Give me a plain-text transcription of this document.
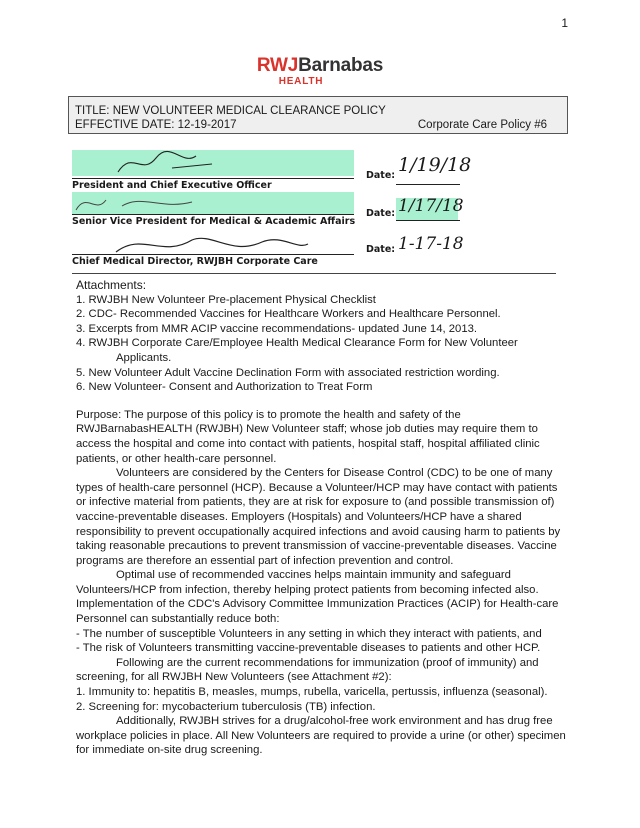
1
RWJBarnabas
HEALTH
TITLE: NEW VOLUNTEER MEDICAL CLEARANCE POLICY
EFFECTIVE DATE: 12-19-2017	Corporate Care Policy #6
President and Chief Executive Officer
Date: 1/19/18
Senior Vice President for Medical & Academic Affairs
Date: 1/17/18
Chief Medical Director, RWJBH Corporate Care
Date: 1-17-18

Attachments:

1. RWJBH New Volunteer Pre-placement Physical Checklist

2. CDC- Recommended Vaccines for Healthcare Workers and Healthcare Personnel.

3. Excerpts from MMR ACIP vaccine recommendations- updated June 14, 2013.

4. RWJBH Corporate Care/Employee Health Medical Clearance Form for New Volunteer

Applicants.

5. New Volunteer Adult Vaccine Declination Form with associated restriction wording.

6. New Volunteer- Consent and Authorization to Treat Form

Purpose: The purpose of this policy is to promote the health and safety of the RWJBarnabasHEALTH (RWJBH) New Volunteer staff; whose job duties may require them to access the hospital and come into contact with patients, hospital staff, hospital affiliated clinic patients, or other health-care personnel.

Volunteers are considered by the Centers for Disease Control (CDC) to be one of many types of health-care personnel (HCP). Because a Volunteer/HCP may have contact with patients or infective material from patients, they are at risk for exposure to (and possible transmission of) vaccine-preventable diseases. Employers (Hospitals) and Volunteers/HCP have a shared responsibility to prevent occupationally acquired infections and avoid causing harm to patients by taking reasonable precautions to prevent transmission of vaccine-preventable diseases. Vaccine programs are therefore an essential part of infection prevention and control.

Optimal use of recommended vaccines helps maintain immunity and safeguard Volunteers/HCP from infection, thereby helping protect patients from becoming infected also. Implementation of the CDC's Advisory Committee Immunization Practices (ACIP) for Health-care Personnel can substantially reduce both:

- The number of susceptible Volunteers in any setting in which they interact with patients, and

- The risk of Volunteers transmitting vaccine-preventable diseases to patients and other HCP.

Following are the current recommendations for immunization (proof of immunity) and screening, for all RWJBH New Volunteers (see Attachment #2):

1. Immunity to: hepatitis B, measles, mumps, rubella, varicella, pertussis, influenza (seasonal).

2. Screening for: mycobacterium tuberculosis (TB) infection.

Additionally, RWJBH strives for a drug/alcohol-free work environment and has drug free workplace policies in place. All New Volunteers are required to provide a urine (or other) specimen for immediate on-site drug screening.
